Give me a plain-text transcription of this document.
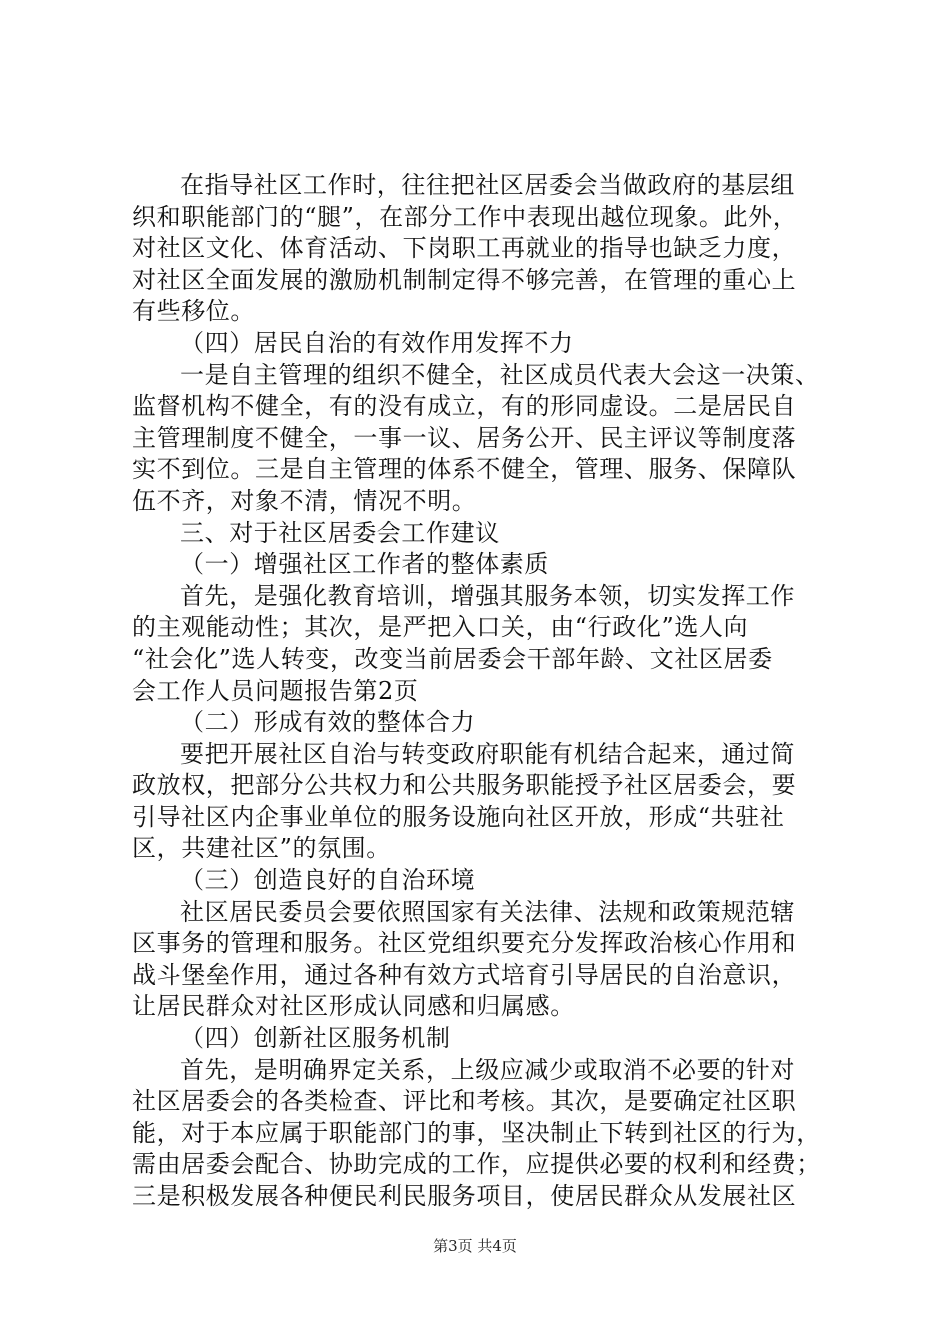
在指导社区工作时，往往把社区居委会当做政府的基层组
织和职能部门的“腿”，在部分工作中表现出越位现象。此外，
对社区文化、体育活动、下岗职工再就业的指导也缺乏力度，
对社区全面发展的激励机制制定得不够完善，在管理的重心上
有些移位。
（四）居民自治的有效作用发挥不力
一是自主管理的组织不健全，社区成员代表大会这一决策、
监督机构不健全，有的没有成立，有的形同虚设。二是居民自
主管理制度不健全，一事一议、居务公开、民主评议等制度落
实不到位。三是自主管理的体系不健全，管理、服务、保障队
伍不齐，对象不清，情况不明。
三、对于社区居委会工作建议
（一）增强社区工作者的整体素质
首先，是强化教育培训，增强其服务本领，切实发挥工作
的主观能动性；其次，是严把入口关，由“行政化”选人向
“社会化”选人转变，改变当前居委会干部年龄、文社区居委
会工作人员问题报告第2页
（二）形成有效的整体合力
要把开展社区自治与转变政府职能有机结合起来，通过简
政放权，把部分公共权力和公共服务职能授予社区居委会，要
引导社区内企事业单位的服务设施向社区开放，形成“共驻社
区，共建社区”的氛围。
（三）创造良好的自治环境
社区居民委员会要依照国家有关法律、法规和政策规范辖
区事务的管理和服务。社区党组织要充分发挥政治核心作用和
战斗堡垒作用，通过各种有效方式培育引导居民的自治意识，
让居民群众对社区形成认同感和归属感。
（四）创新社区服务机制
首先，是明确界定关系，上级应减少或取消不必要的针对
社区居委会的各类检查、评比和考核。其次，是要确定社区职
能，对于本应属于职能部门的事，坚决制止下转到社区的行为，
需由居委会配合、协助完成的工作，应提供必要的权利和经费；
三是积极发展各种便民利民服务项目，使居民群众从发展社区
第3页 共4页
